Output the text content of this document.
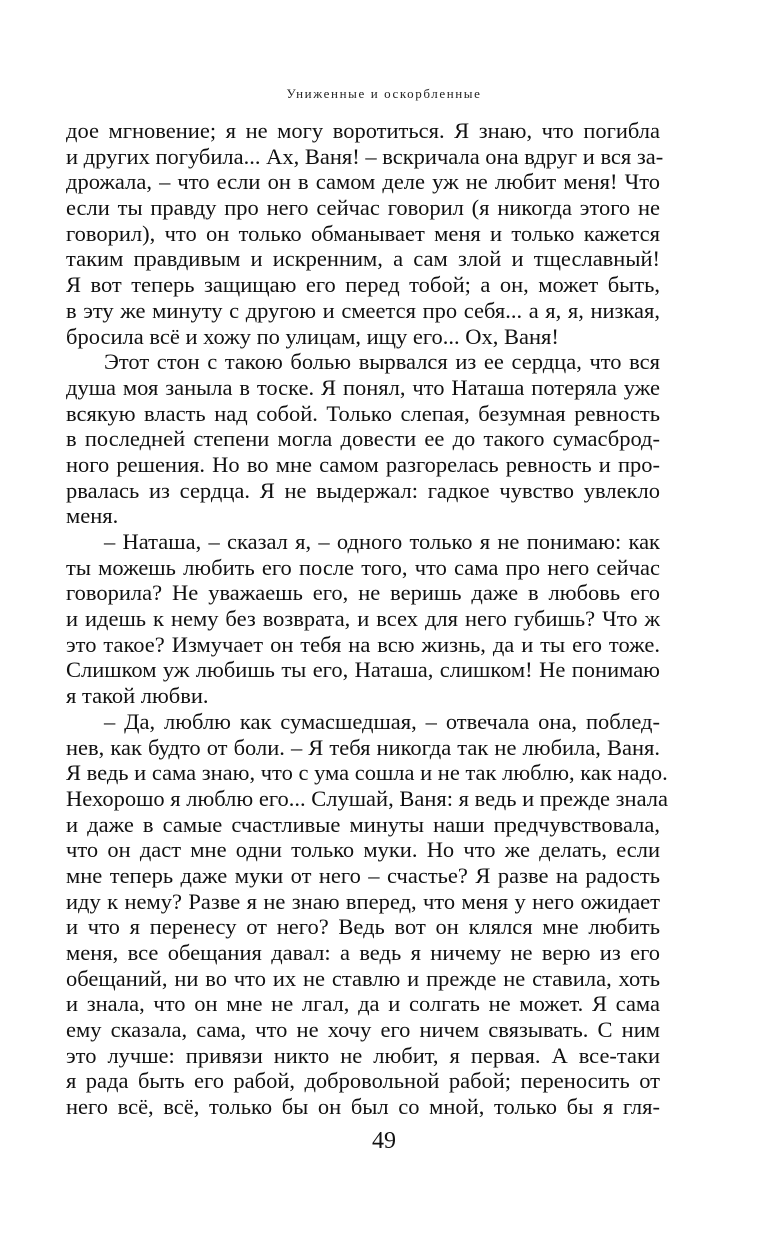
Униженные и оскорбленные
дое мгновение; я не могу воротиться. Я знаю, что погибла
и других погубила... Ах, Ваня! – вскричала она вдруг и вся за-
дрожала, – что если он в самом деле уж не любит меня! Что
если ты правду про него сейчас говорил (я никогда этого не
говорил), что он только обманывает меня и только кажется
таким правдивым и искренним, а сам злой и тщеславный!
Я вот теперь защищаю его перед тобой; а он, может быть,
в эту же минуту с другою и смеется про себя... а я, я, низкая,
бросила всё и хожу по улицам, ищу его... Ох, Ваня!
Этот стон с такою болью вырвался из ее сердца, что вся
душа моя заныла в тоске. Я понял, что Наташа потеряла уже
всякую власть над собой. Только слепая, безумная ревность
в последней степени могла довести ее до такого сумасброд-
ного решения. Но во мне самом разгорелась ревность и про-
рвалась из сердца. Я не выдержал: гадкое чувство увлекло
меня.
– Наташа, – сказал я, – одного только я не понимаю: как
ты можешь любить его после того, что сама про него сейчас
говорила? Не уважаешь его, не веришь даже в любовь его
и идешь к нему без возврата, и всех для него губишь? Что ж
это такое? Измучает он тебя на всю жизнь, да и ты его тоже.
Слишком уж любишь ты его, Наташа, слишком! Не понимаю
я такой любви.
– Да, люблю как сумасшедшая, – отвечала она, поблед-
нев, как будто от боли. – Я тебя никогда так не любила, Ваня.
Я ведь и сама знаю, что с ума сошла и не так люблю, как надо.
Нехорошо я люблю его... Слушай, Ваня: я ведь и прежде знала
и даже в самые счастливые минуты наши предчувствовала,
что он даст мне одни только муки. Но что же делать, если
мне теперь даже муки от него – счастье? Я разве на радость
иду к нему? Разве я не знаю вперед, что меня у него ожидает
и что я перенесу от него? Ведь вот он клялся мне любить
меня, все обещания давал: а ведь я ничему не верю из его
обещаний, ни во что их не ставлю и прежде не ставила, хоть
и знала, что он мне не лгал, да и солгать не может. Я сама
ему сказала, сама, что не хочу его ничем связывать. С ним
это лучше: привязи никто не любит, я первая. А все-таки
я рада быть его рабой, добровольной рабой; переносить от
него всё, всё, только бы он был со мной, только бы я гля-
49
